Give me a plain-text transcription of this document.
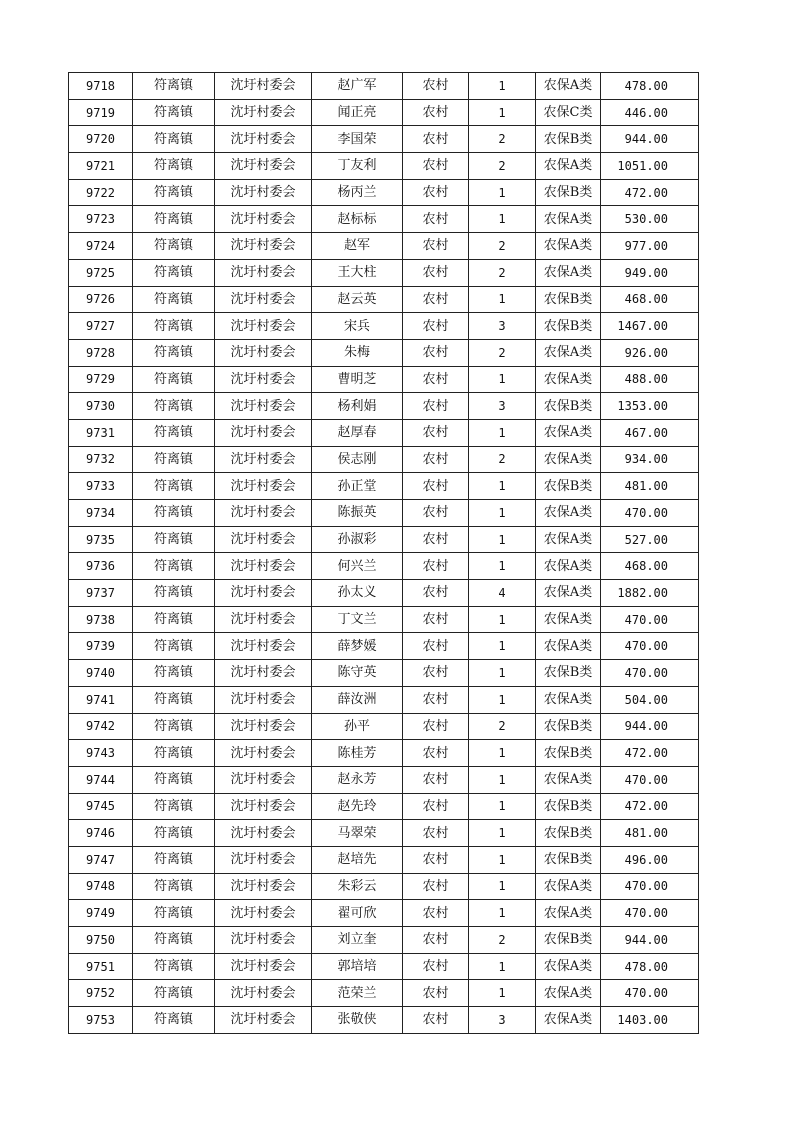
9718	符离镇	沈圩村委会	赵广军	农村	1	农保A类	478.00
9719	符离镇	沈圩村委会	闻正亮	农村	1	农保C类	446.00
9720	符离镇	沈圩村委会	李国荣	农村	2	农保B类	944.00
9721	符离镇	沈圩村委会	丁友利	农村	2	农保A类	1051.00
9722	符离镇	沈圩村委会	杨丙兰	农村	1	农保B类	472.00
9723	符离镇	沈圩村委会	赵标标	农村	1	农保A类	530.00
9724	符离镇	沈圩村委会	赵军	农村	2	农保A类	977.00
9725	符离镇	沈圩村委会	王大柱	农村	2	农保A类	949.00
9726	符离镇	沈圩村委会	赵云英	农村	1	农保B类	468.00
9727	符离镇	沈圩村委会	宋兵	农村	3	农保B类	1467.00
9728	符离镇	沈圩村委会	朱梅	农村	2	农保A类	926.00
9729	符离镇	沈圩村委会	曹明芝	农村	1	农保A类	488.00
9730	符离镇	沈圩村委会	杨利娟	农村	3	农保B类	1353.00
9731	符离镇	沈圩村委会	赵厚春	农村	1	农保A类	467.00
9732	符离镇	沈圩村委会	侯志刚	农村	2	农保A类	934.00
9733	符离镇	沈圩村委会	孙正堂	农村	1	农保B类	481.00
9734	符离镇	沈圩村委会	陈振英	农村	1	农保A类	470.00
9735	符离镇	沈圩村委会	孙淑彩	农村	1	农保A类	527.00
9736	符离镇	沈圩村委会	何兴兰	农村	1	农保A类	468.00
9737	符离镇	沈圩村委会	孙太义	农村	4	农保A类	1882.00
9738	符离镇	沈圩村委会	丁文兰	农村	1	农保A类	470.00
9739	符离镇	沈圩村委会	薛梦媛	农村	1	农保A类	470.00
9740	符离镇	沈圩村委会	陈守英	农村	1	农保B类	470.00
9741	符离镇	沈圩村委会	薛汝洲	农村	1	农保A类	504.00
9742	符离镇	沈圩村委会	孙平	农村	2	农保B类	944.00
9743	符离镇	沈圩村委会	陈桂芳	农村	1	农保B类	472.00
9744	符离镇	沈圩村委会	赵永芳	农村	1	农保A类	470.00
9745	符离镇	沈圩村委会	赵先玲	农村	1	农保B类	472.00
9746	符离镇	沈圩村委会	马翠荣	农村	1	农保B类	481.00
9747	符离镇	沈圩村委会	赵培先	农村	1	农保B类	496.00
9748	符离镇	沈圩村委会	朱彩云	农村	1	农保A类	470.00
9749	符离镇	沈圩村委会	翟可欣	农村	1	农保A类	470.00
9750	符离镇	沈圩村委会	刘立奎	农村	2	农保B类	944.00
9751	符离镇	沈圩村委会	郭培培	农村	1	农保A类	478.00
9752	符离镇	沈圩村委会	范荣兰	农村	1	农保A类	470.00
9753	符离镇	沈圩村委会	张敬侠	农村	3	农保A类	1403.00
